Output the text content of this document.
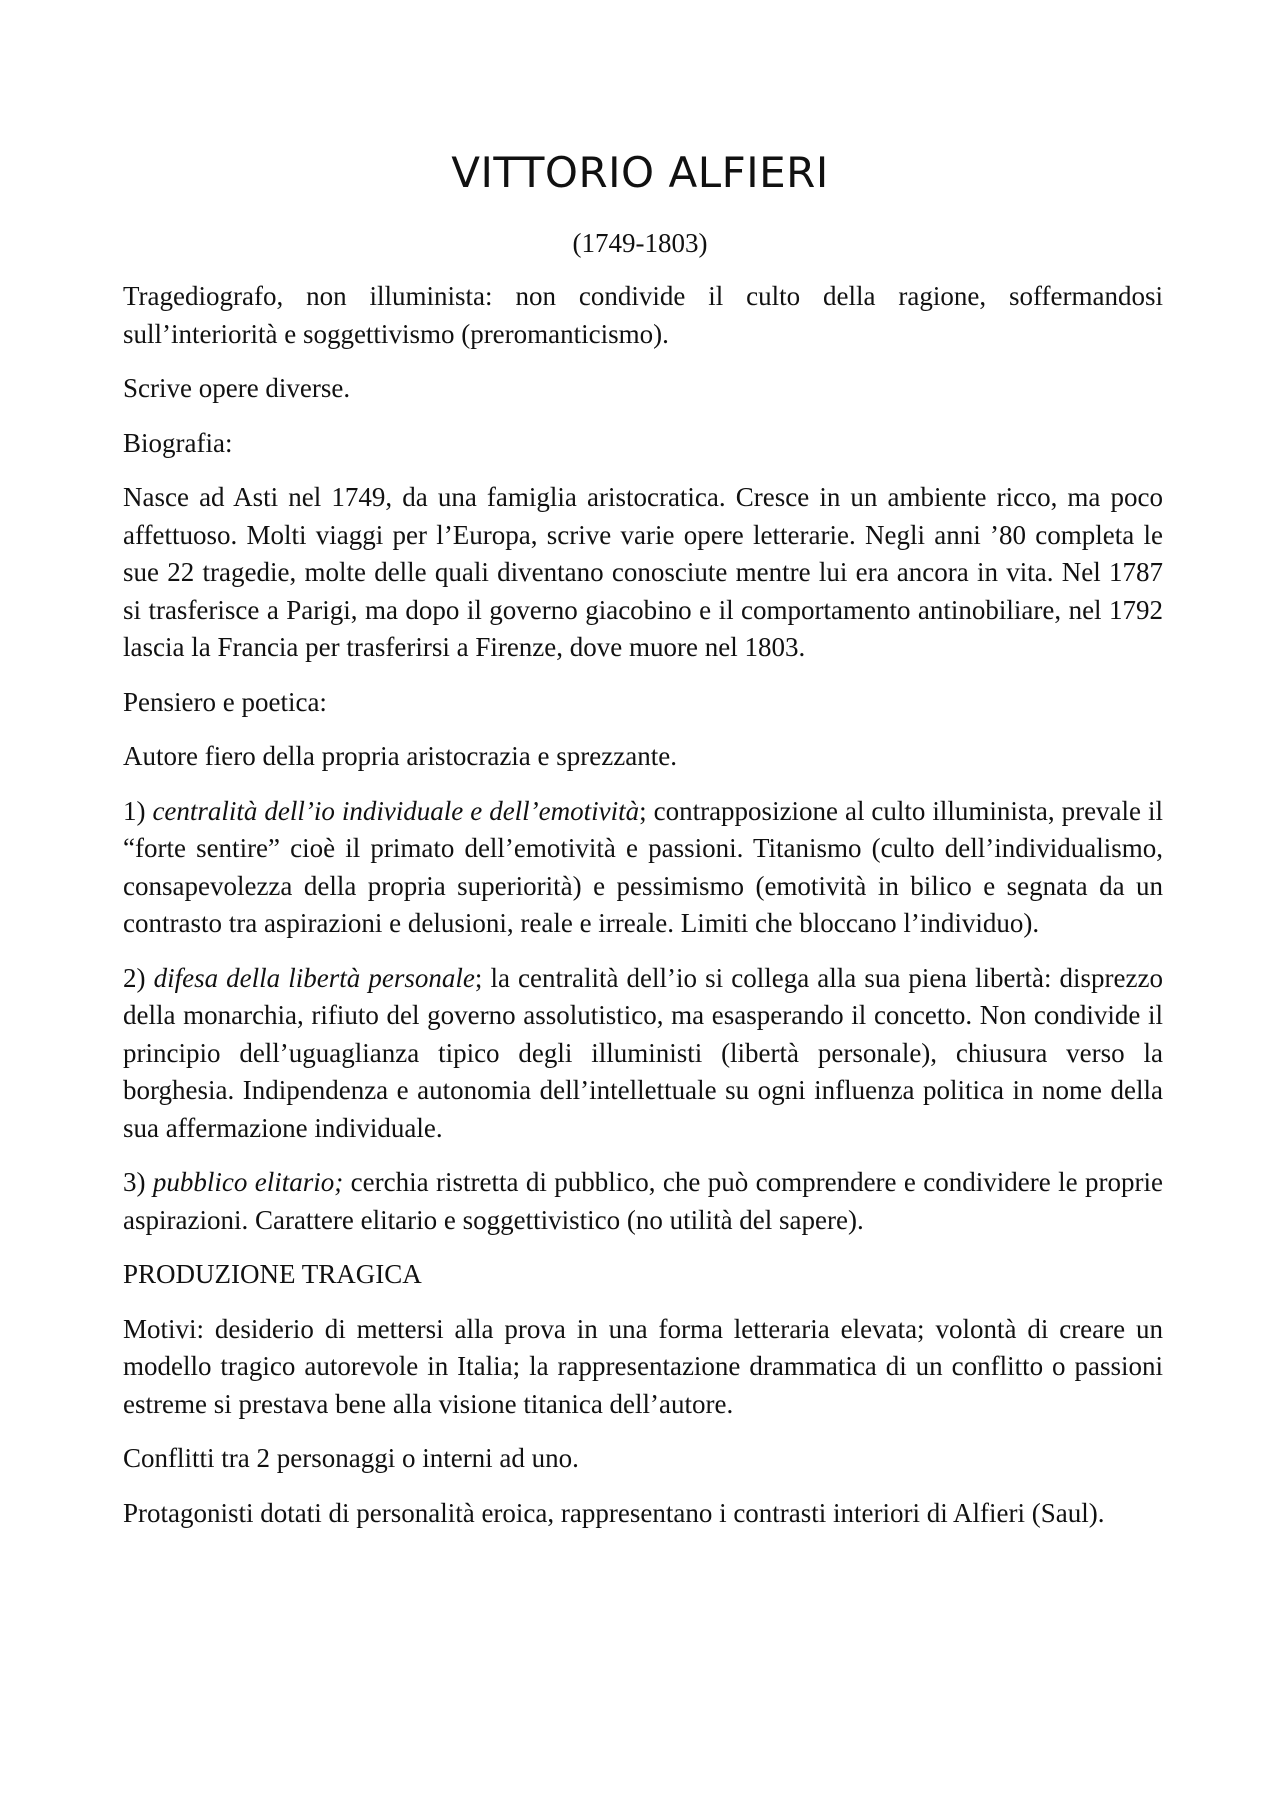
VITTORIO ALFIERI

(1749-1803)

Tragediografo, non illuminista: non condivide il culto della ragione, soffermandosi sull’interiorità e soggettivismo (preromanticismo).

Scrive opere diverse.

Biografia:

Nasce ad Asti nel 1749, da una famiglia aristocratica. Cresce in un ambiente ricco, ma poco affettuoso. Molti viaggi per l’Europa, scrive varie opere letterarie. Negli anni ’80 completa le sue 22 tragedie, molte delle quali diventano conosciute mentre lui era ancora in vita. Nel 1787 si trasferisce a Parigi, ma dopo il governo giacobino e il comportamento antinobiliare, nel 1792 lascia la Francia per trasferirsi a Firenze, dove muore nel 1803.

Pensiero e poetica:

Autore fiero della propria aristocrazia e sprezzante.

1) centralità dell’io individuale e dell’emotività; contrapposizione al culto illuminista, prevale il “forte sentire” cioè il primato dell’emotività e passioni. Titanismo (culto dell’individualismo, consapevolezza della propria superiorità) e pessimismo (emotività in bilico e segnata da un contrasto tra aspirazioni e delusioni, reale e irreale. Limiti che bloccano l’individuo).

2) difesa della libertà personale; la centralità dell’io si collega alla sua piena libertà: disprezzo della monarchia, rifiuto del governo assolutistico, ma esasperando il concetto. Non condivide il principio dell’uguaglianza tipico degli illuministi (libertà personale), chiusura verso la borghesia. Indipendenza e autonomia dell’intellettuale su ogni influenza politica in nome della sua affermazione individuale.

3) pubblico elitario; cerchia ristretta di pubblico, che può comprendere e condividere le proprie aspirazioni. Carattere elitario e soggettivistico (no utilità del sapere).

PRODUZIONE TRAGICA

Motivi: desiderio di mettersi alla prova in una forma letteraria elevata; volontà di creare un modello tragico autorevole in Italia; la rappresentazione drammatica di un conflitto o passioni estreme si prestava bene alla visione titanica dell’autore.

Conflitti tra 2 personaggi o interni ad uno.

Protagonisti dotati di personalità eroica, rappresentano i contrasti interiori di Alfieri (Saul).
